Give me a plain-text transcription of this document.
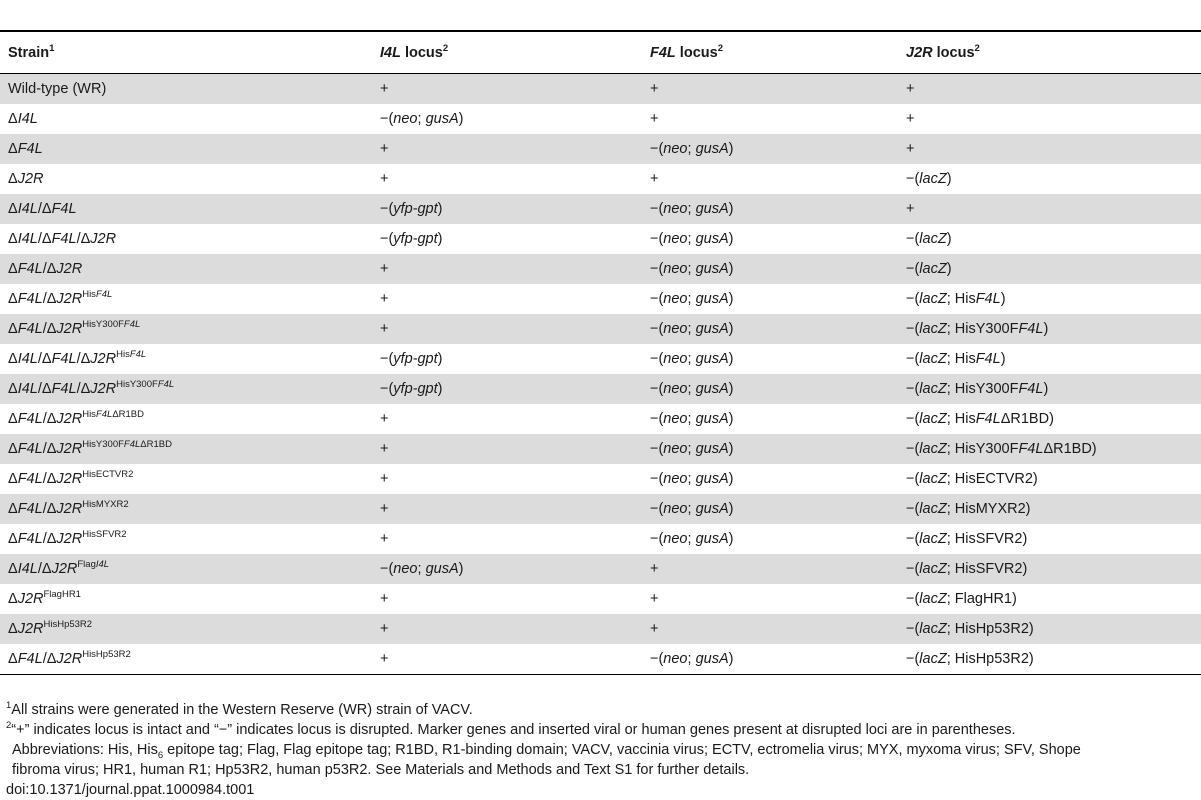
Strain$^1$	I4L locus$^2$	F4L locus$^2$	J2R locus$^2$
Wild-type (WR)	+	+	+
ΔI4L	−(neo; gusA)	+	+
ΔF4L	+	−(neo; gusA)	+
ΔJ2R	+	+	−(lacZ)
ΔI4L/ΔF4L	−(yfp-gpt)	−(neo; gusA)	+
ΔI4L/ΔF4L/ΔJ2R	−(yfp-gpt)	−(neo; gusA)	−(lacZ)
ΔF4L/ΔJ2R	+	−(neo; gusA)	−(lacZ)
$\Delta F4L/\Delta J2R^{HisF4L}$	+	−(neo; gusA)	−(lacZ; HisF4L)
$\Delta F4L/\Delta J2R^{HisY300FF4L}$	+	−(neo; gusA)	−(lacZ; HisY300FF4L)
$\Delta I4L/\Delta F4L/\Delta J2R^{HisF4L}$	−(yfp-gpt)	−(neo; gusA)	−(lacZ; HisF4L)
$\Delta I4L/\Delta F4L/\Delta J2R^{HisY300FF4L}$	−(yfp-gpt)	−(neo; gusA)	−(lacZ; HisY300FF4L)
$\Delta F4L/\Delta J2R^{HisF4L\Delta R1BD}$	+	−(neo; gusA)	−(lacZ; HisF4LΔR1BD)
$\Delta F4L/\Delta J2R^{HisY300FF4L\Delta R1BD}$	+	−(neo; gusA)	−(lacZ; HisY300FF4LΔR1BD)
$\Delta F4L/\Delta J2R^{HisECTVR2}$	+	−(neo; gusA)	−(lacZ; HisECTVR2)
$\Delta F4L/\Delta J2R^{HisMYXR2}$	+	−(neo; gusA)	−(lacZ; HisMYXR2)
$\Delta F4L/\Delta J2R^{HisSFVR2}$	+	−(neo; gusA)	−(lacZ; HisSFVR2)
$\Delta I4L/\Delta J2R^{FlagI4L}$	−(neo; gusA)	+	−(lacZ; HisSFVR2)
$\Delta J2R^{FlagHR1}$	+	+	−(lacZ; FlagHR1)
$\Delta J2R^{HisHp53R2}$	+	+	−(lacZ; HisHp53R2)
$\Delta F4L/\Delta J2R^{HisHp53R2}$	+	−(neo; gusA)	−(lacZ; HisHp53R2)

$^1$All strains were generated in the Western Reserve (WR) strain of VACV.

$^2$“+” indicates locus is intact and “−” indicates locus is disrupted. Marker genes and inserted viral or human genes present at disrupted loci are in parentheses.

Abbreviations: His, His$_6$ epitope tag; Flag, Flag epitope tag; R1BD, R1-binding domain; VACV, vaccinia virus; ECTV, ectromelia virus; MYX, myxoma virus; SFV, Shope

fibroma virus; HR1, human R1; Hp53R2, human p53R2. See Materials and Methods and Text S1 for further details.

doi:10.1371/journal.ppat.1000984.t001
